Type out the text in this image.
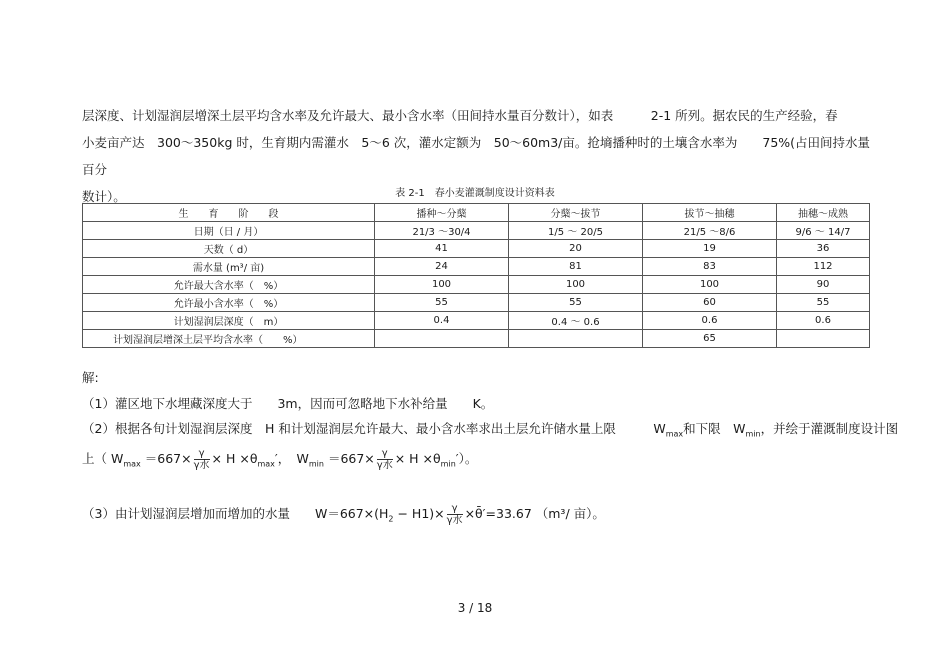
层深度、计划湿润层增深土层平均含水率及允许最大、最小含水率（田间持水量百分数计），如表　　　2-1 所列。据农民的生产经验，春
小麦亩产达　300～350kg 时，生育期内需灌水　5～6 次，灌水定额为　50～60m3/亩。抢墒播种时的土壤含水率为　　75%(占田间持水量百分
数计）。	表 2-1　春小麦灌溉制度设计资料表
生　　育　　阶　　段	播种～分蘖	分蘖～拔节	拔节～抽穗	抽穗～成熟
日期（日 / 月）	21/3 ～30/4	1/5 ～ 20/5	21/5 ～8/6	9/6 ～ 14/7
天数（ d）	41	20	19	36
需水量 (m³/ 亩)	24	81	83	112
允许最大含水率（　%）	100	100	100	90
允许最小含水率（　%）	55	55	60	55
计划湿润层深度（　m）	0.4	0.4 ～ 0.6	0.6	0.6
计划湿润层增深土层平均含水率（　　%）			65	
解:
（1）灌区地下水埋藏深度大于　　3m，因而可忽略地下水补给量　　K。
（2）根据各旬计划湿润层深度　H 和计划湿润层允许最大、最小含水率求出土层允许储水量上限　　　$W_{max}$和下限　$W_{min}$，并绘于灌溉制度设计图
上（ $W_{max} =667\times \frac{\gamma}{\text{γ水}} \times H \times\theta_{max}'$，　$W_{min} =667\times \frac{\gamma}{\text{γ水}} \times H \times\theta_{min}'$）。
（3）由计划湿润层增加而增加的水量　　$W=667\times(H_2 - H1)\times \frac{\gamma}{\text{γ水}}$ ×θ̄′=33.67 （m³/ 亩）。
3 / 18
